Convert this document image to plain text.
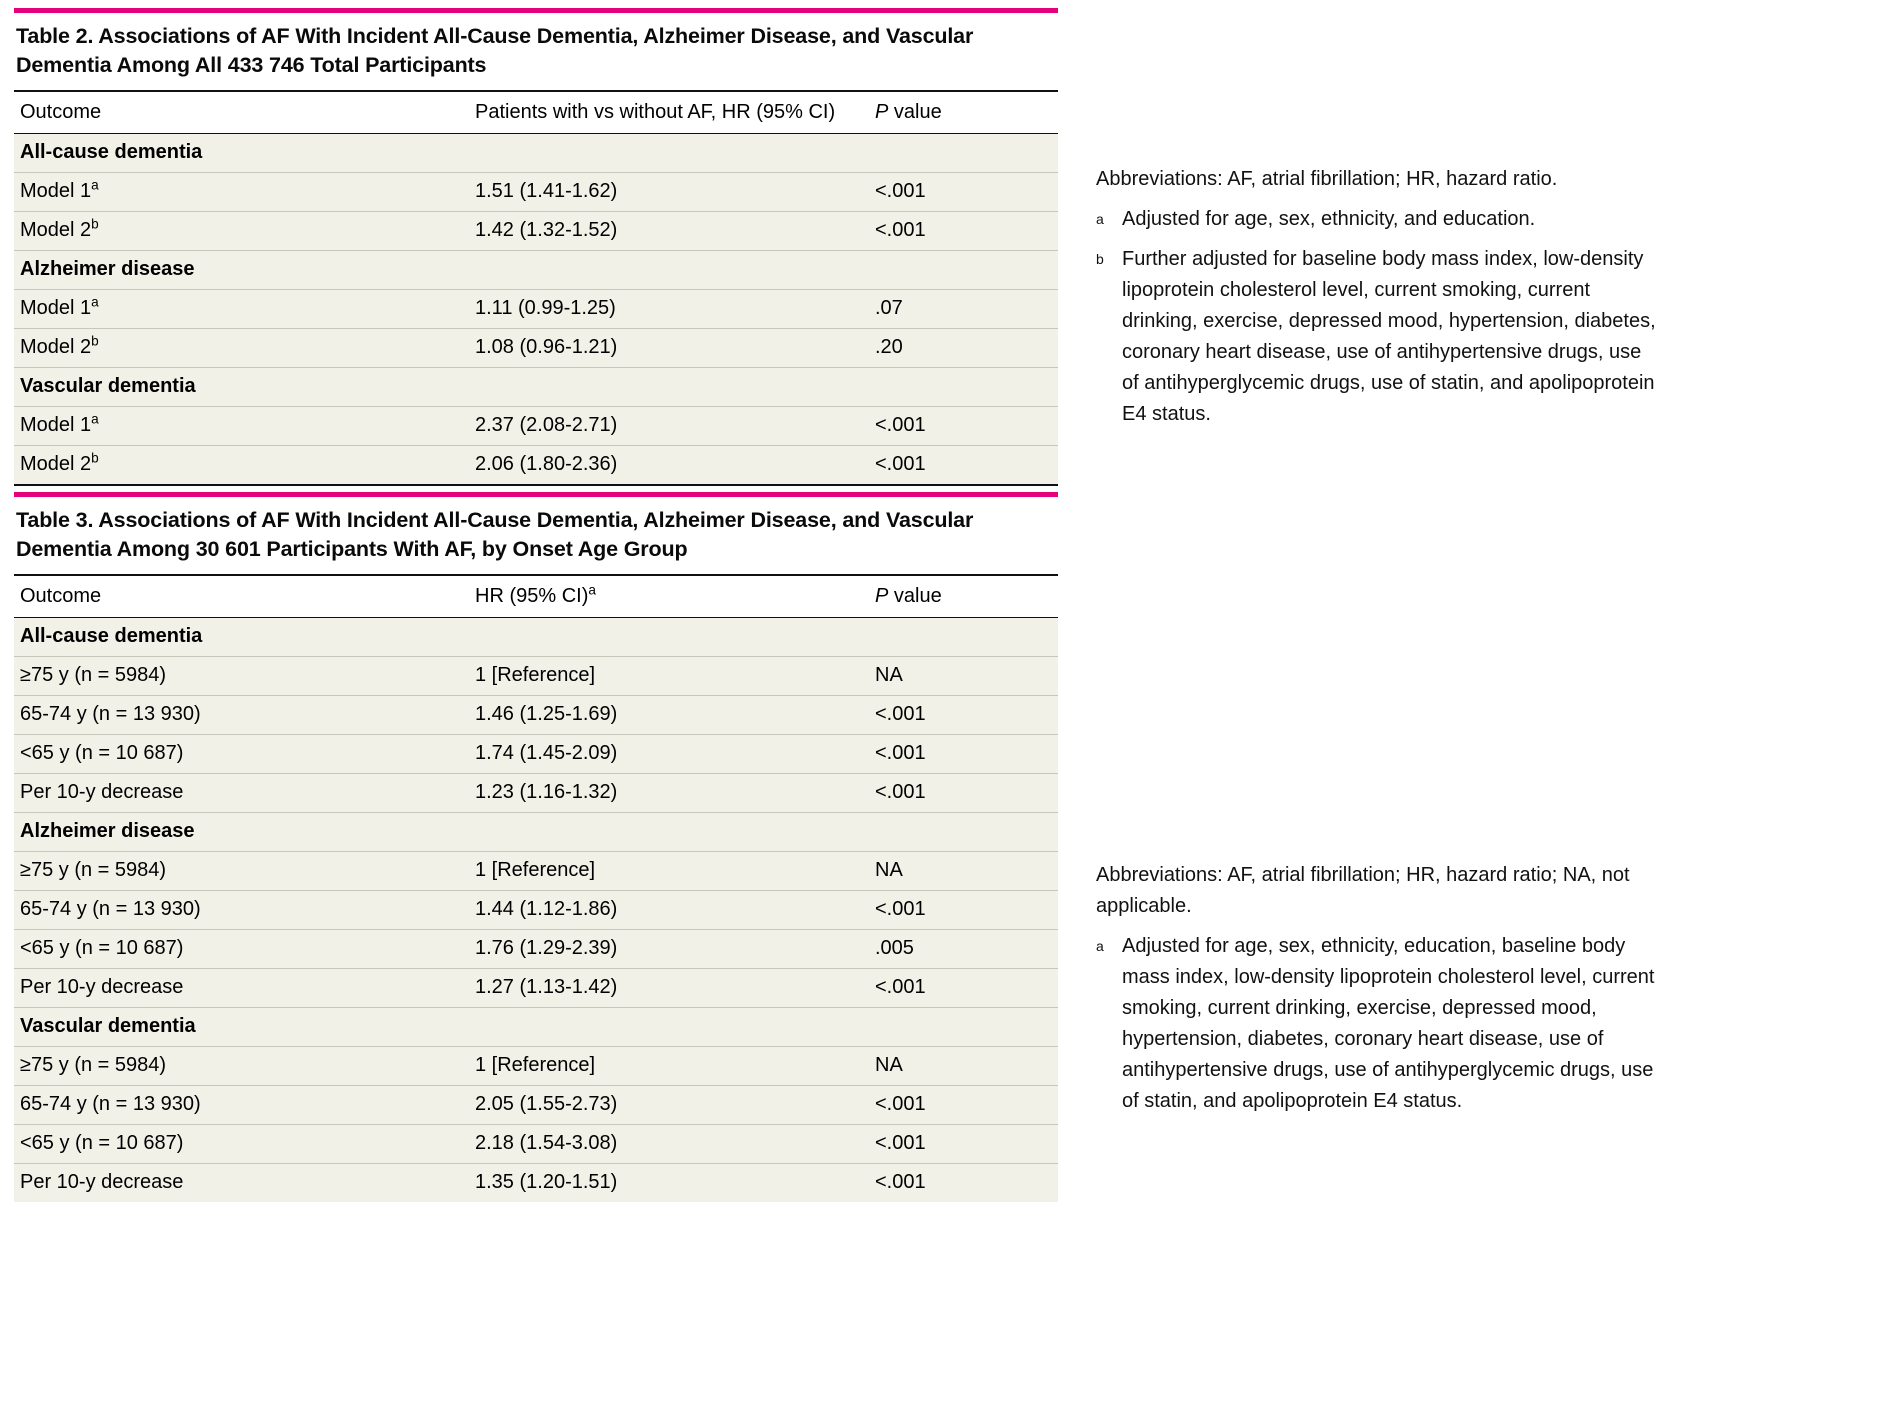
Table 2. Associations of AF With Incident All-Cause Dementia, Alzheimer Disease, and Vascular Dementia Among All 433 746 Total Participants
Outcome	Patients with vs without AF, HR (95% CI)	P value
All-cause dementia		
Model 1$^a$	1.51 (1.41-1.62)	<.001
Model 2$^b$	1.42 (1.32-1.52)	<.001
Alzheimer disease		
Model 1$^a$	1.11 (0.99-1.25)	.07
Model 2$^b$	1.08 (0.96-1.21)	.20
Vascular dementia		
Model 1$^a$	2.37 (2.08-2.71)	<.001
Model 2$^b$	2.06 (1.80-2.36)	<.001

Abbreviations: AF, atrial fibrillation; HR, hazard ratio.

a Adjusted for age, sex, ethnicity, and education.

b Further adjusted for baseline body mass index, low-density lipoprotein cholesterol level, current smoking, current drinking, exercise, depressed mood, hypertension, diabetes, coronary heart disease, use of antihypertensive drugs, use of antihyperglycemic drugs, use of statin, and apolipoprotein E4 status.

Table 3. Associations of AF With Incident All-Cause Dementia, Alzheimer Disease, and Vascular Dementia Among 30 601 Participants With AF, by Onset Age Group
Outcome	HR (95% CI)$^a$	P value
All-cause dementia		
≥75 y (n = 5984)	1 [Reference]	NA
65-74 y (n = 13 930)	1.46 (1.25-1.69)	<.001
<65 y (n = 10 687)	1.74 (1.45-2.09)	<.001
Per 10-y decrease	1.23 (1.16-1.32)	<.001
Alzheimer disease		
≥75 y (n = 5984)	1 [Reference]	NA
65-74 y (n = 13 930)	1.44 (1.12-1.86)	<.001
<65 y (n = 10 687)	1.76 (1.29-2.39)	.005
Per 10-y decrease	1.27 (1.13-1.42)	<.001
Vascular dementia		
≥75 y (n = 5984)	1 [Reference]	NA
65-74 y (n = 13 930)	2.05 (1.55-2.73)	<.001
<65 y (n = 10 687)	2.18 (1.54-3.08)	<.001
Per 10-y decrease	1.35 (1.20-1.51)	<.001

Abbreviations: AF, atrial fibrillation; HR, hazard ratio; NA, not applicable.

a Adjusted for age, sex, ethnicity, education, baseline body mass index, low-density lipoprotein cholesterol level, current smoking, current drinking, exercise, depressed mood, hypertension, diabetes, coronary heart disease, use of antihypertensive drugs, use of antihyperglycemic drugs, use of statin, and apolipoprotein E4 status.
